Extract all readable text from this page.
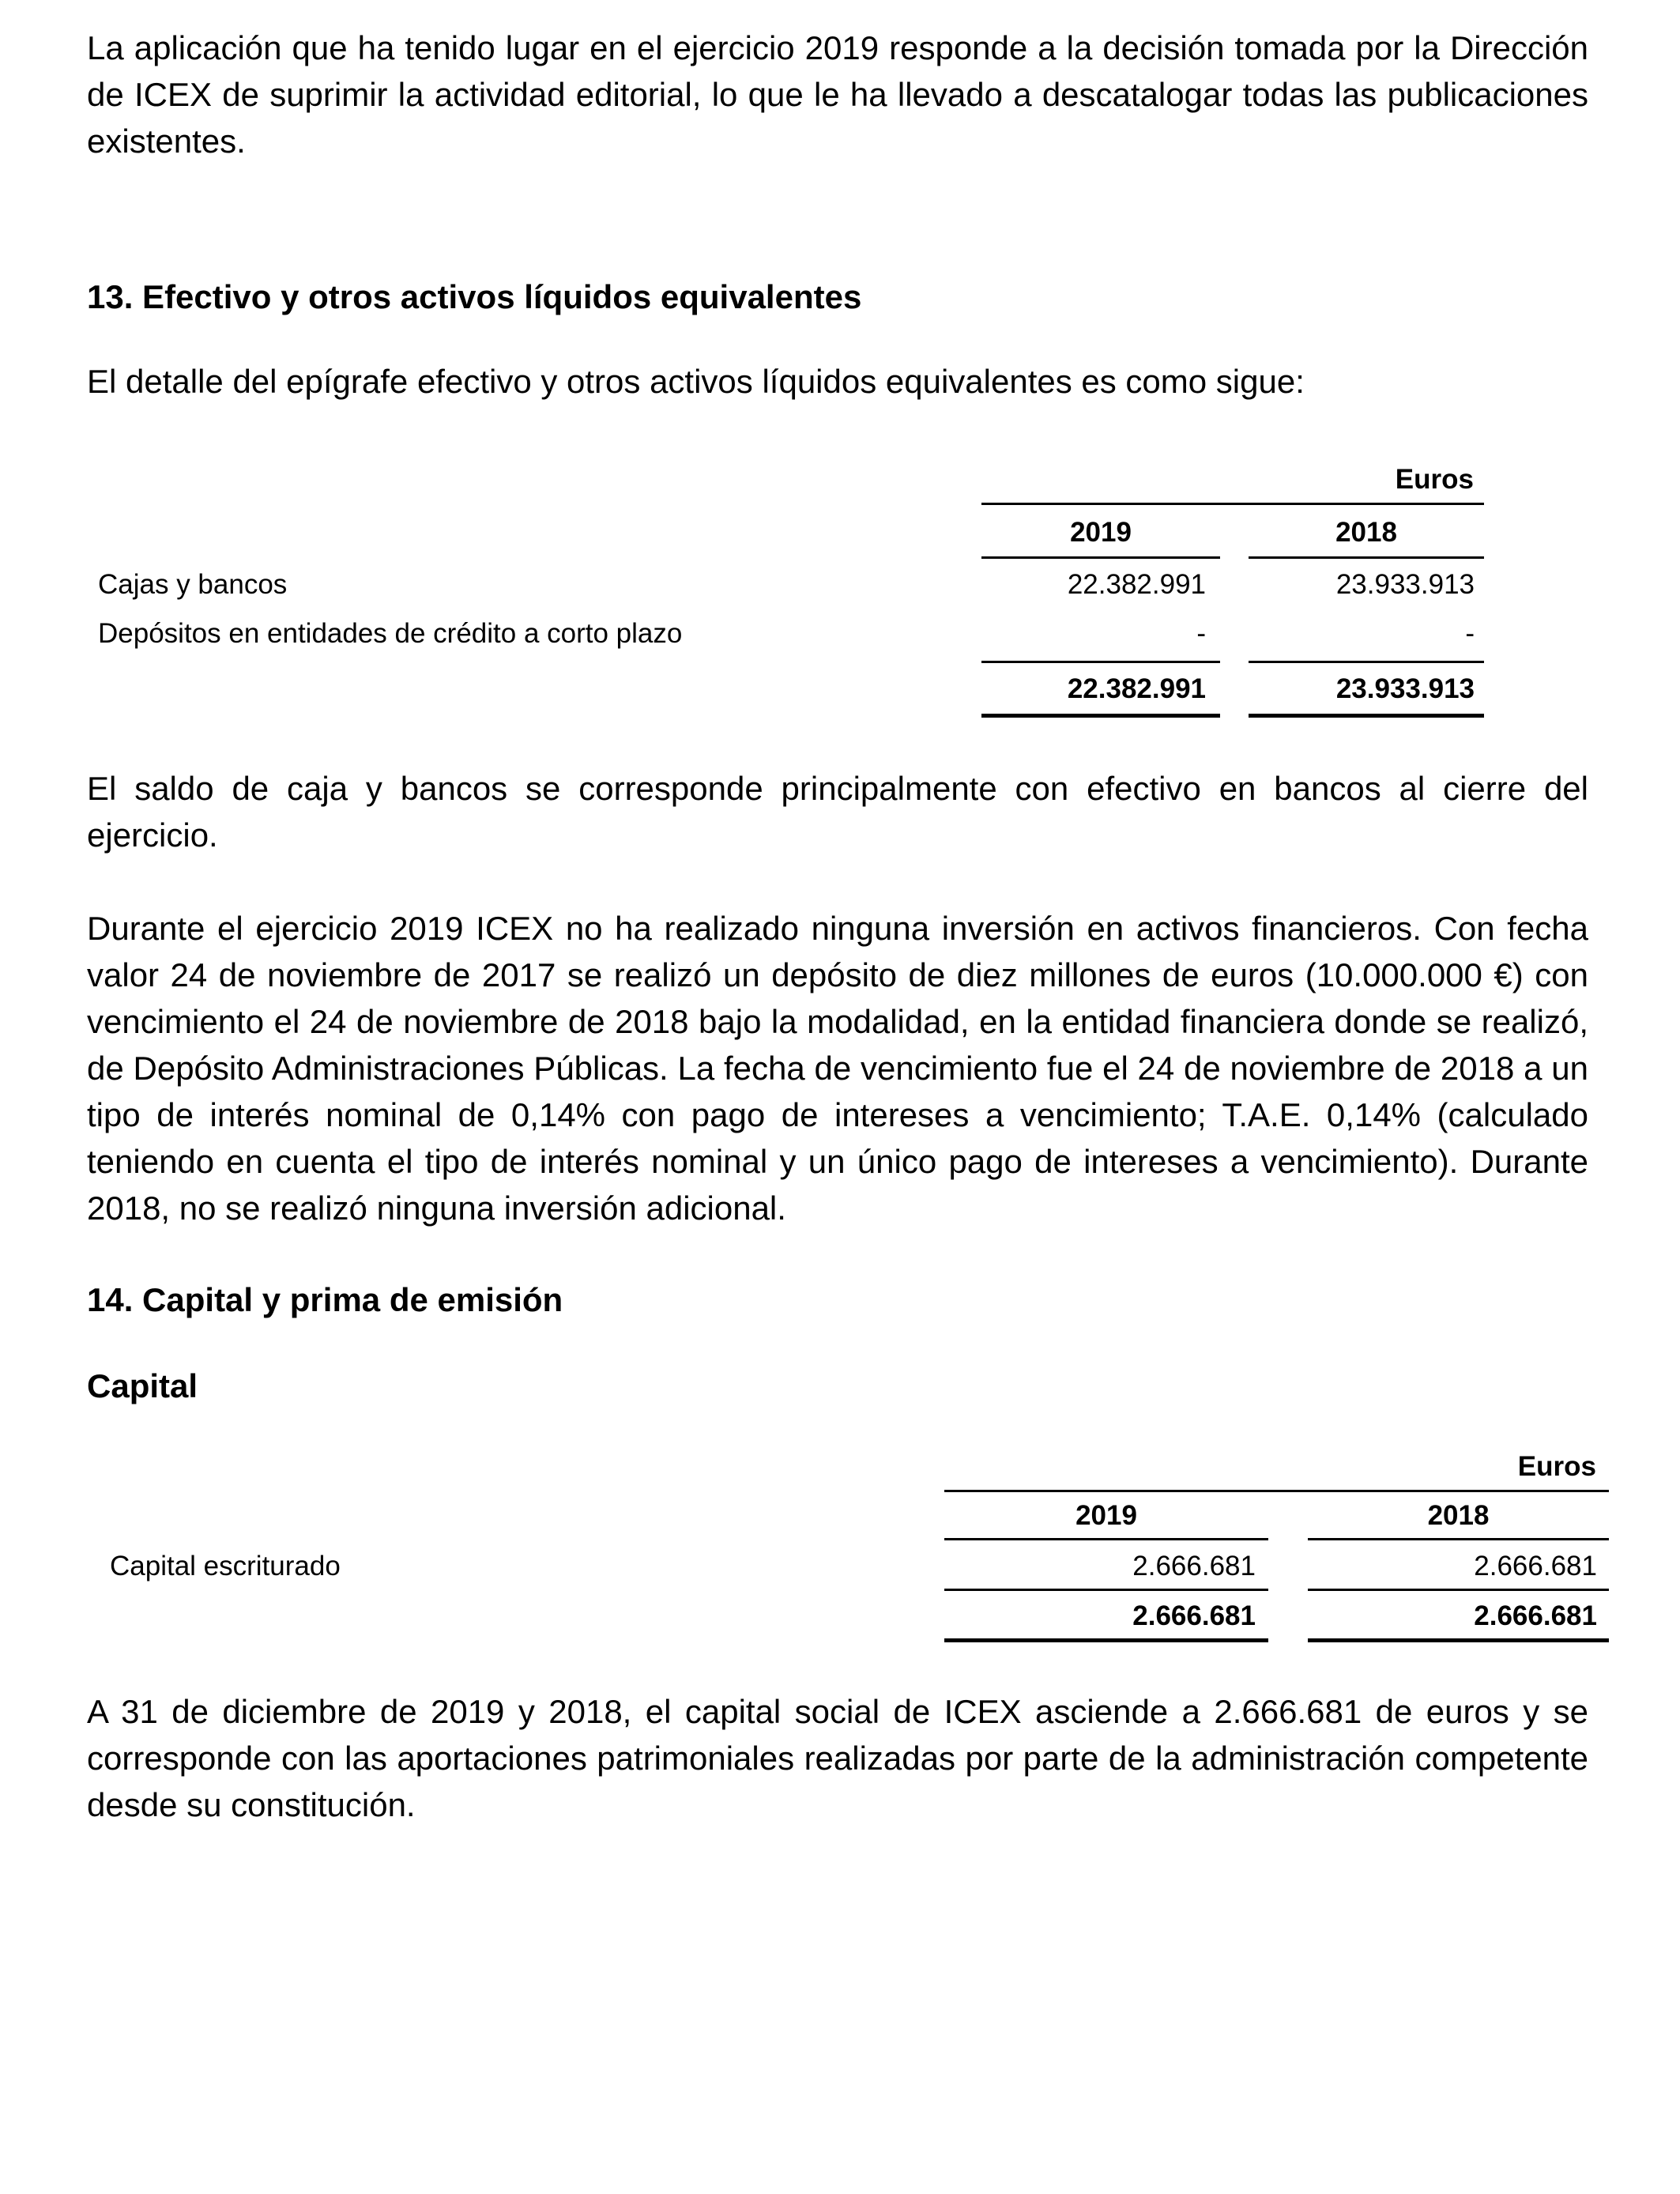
La aplicación que ha tenido lugar en el ejercicio 2019 responde a la decisión tomada por la Dirección de ICEX de suprimir la actividad editorial, lo que le ha llevado a descatalogar todas las publicaciones existentes.

13. Efectivo y otros activos líquidos equivalentes

El detalle del epígrafe efectivo y otros activos líquidos equivalentes es como sigue:

Euros
2019	2018
Cajas y bancos	22.382.991	23.933.913
Depósitos en entidades de crédito a corto plazo	-	-
22.382.991	23.933.913

El saldo de caja y bancos se corresponde principalmente con efectivo en bancos al cierre del ejercicio.

Durante el ejercicio 2019 ICEX no ha realizado ninguna inversión en activos financieros. Con fecha valor 24 de noviembre de 2017 se realizó un depósito de diez millones de euros (10.000.000 €) con vencimiento el 24 de noviembre de 2018 bajo la modalidad, en la entidad financiera donde se realizó, de Depósito Administraciones Públicas. La fecha de vencimiento fue el 24 de noviembre de 2018 a un tipo de interés nominal de 0,14% con pago de intereses a vencimiento; T.A.E. 0,14% (calculado teniendo en cuenta el tipo de interés nominal y un único pago de intereses a vencimiento). Durante 2018, no se realizó ninguna inversión adicional.

14. Capital y prima de emisión
Capital
Euros
2019	2018
Capital escriturado	2.666.681	2.666.681
2.666.681	2.666.681

A 31 de diciembre de 2019 y 2018, el capital social de ICEX asciende a 2.666.681 de euros y se corresponde con las aportaciones patrimoniales realizadas por parte de la administración competente desde su constitución.
